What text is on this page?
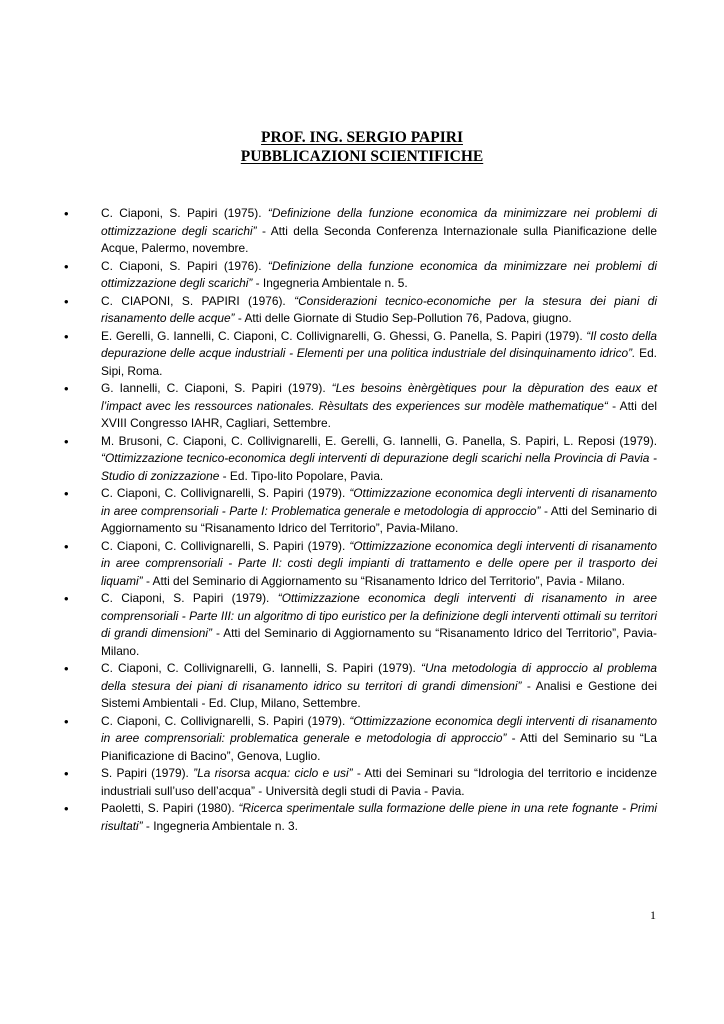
PROF. ING. SERGIO PAPIRI
PUBBLICAZIONI SCIENTIFICHE
•	C. Ciaponi, S. Papiri (1975). “Definizione della funzione economica da minimizzare nei problemi di ottimizzazione degli scarichi” - Atti della Seconda Conferenza Internazionale sulla Pianificazione delle Acque, Palermo, novembre.
•	C. Ciaponi, S. Papiri (1976). “Definizione della funzione economica da minimizzare nei problemi di ottimizzazione degli scarichi” - Ingegneria Ambientale n. 5.
•	C. CIAPONI, S. PAPIRI (1976). “Considerazioni tecnico-economiche per la stesura dei piani di risanamento delle acque” - Atti delle Giornate di Studio Sep-Pollution 76, Padova, giugno.
•	E. Gerelli, G. Iannelli, C. Ciaponi, C. Collivignarelli, G. Ghessi, G. Panella, S. Papiri (1979). “Il costo della depurazione delle acque industriali - Elementi per una politica industriale del disinquinamento idrico”. Ed. Sipi, Roma.
•	G. Iannelli, C. Ciaponi, S. Papiri (1979). “Les besoins ènèrgètiques pour la dèpuration des eaux et l’impact avec les ressources nationales. Rèsultats des experiences sur modèle mathematique“ - Atti del XVIII Congresso IAHR, Cagliari, Settembre.
•	M. Brusoni, C. Ciaponi, C. Collivignarelli, E. Gerelli, G. Iannelli, G. Panella, S. Papiri, L. Reposi (1979). “Ottimizzazione tecnico-economica degli interventi di depurazione degli scarichi nella Provincia di Pavia - Studio di zonizzazione - Ed. Tipo-lito Popolare, Pavia.
•	C. Ciaponi, C. Collivignarelli, S. Papiri (1979). “Ottimizzazione economica degli interventi di risanamento in aree comprensoriali - Parte I: Problematica generale e metodologia di approccio” - Atti del Seminario di Aggiornamento su “Risanamento Idrico del Territorio”, Pavia-Milano.
•	C. Ciaponi, C. Collivignarelli, S. Papiri (1979). “Ottimizzazione economica degli interventi di risanamento in aree comprensoriali - Parte II: costi degli impianti di trattamento e delle opere per il trasporto dei liquami” - Atti del Seminario di Aggiornamento su “Risanamento Idrico del Territorio”, Pavia - Milano.
•	C. Ciaponi, S. Papiri (1979). “Ottimizzazione economica degli interventi di risanamento in aree comprensoriali - Parte III: un algoritmo di tipo euristico per la definizione degli interventi ottimali su territori di grandi dimensioni” - Atti del Seminario di Aggiornamento su “Risanamento Idrico del Territorio”, Pavia-Milano.
•	C. Ciaponi, C. Collivignarelli, G. Iannelli, S. Papiri (1979). “Una metodologia di approccio al problema della stesura dei piani di risanamento idrico su territori di grandi dimensioni” - Analisi e Gestione dei Sistemi Ambientali - Ed. Clup, Milano, Settembre.
•	C. Ciaponi, C. Collivignarelli, S. Papiri (1979). “Ottimizzazione economica degli interventi di risanamento in aree comprensoriali: problematica generale e metodologia di approccio” - Atti del Seminario su “La Pianificazione di Bacino”, Genova, Luglio.
•	S. Papiri (1979). ”La risorsa acqua: ciclo e usi” - Atti dei Seminari su “Idrologia del territorio e incidenze industriali sull’uso dell’acqua” - Università degli studi di Pavia - Pavia.
•	Paoletti, S. Papiri (1980). “Ricerca sperimentale sulla formazione delle piene in una rete fognante - Primi risultati” - Ingegneria Ambientale n. 3.
1
